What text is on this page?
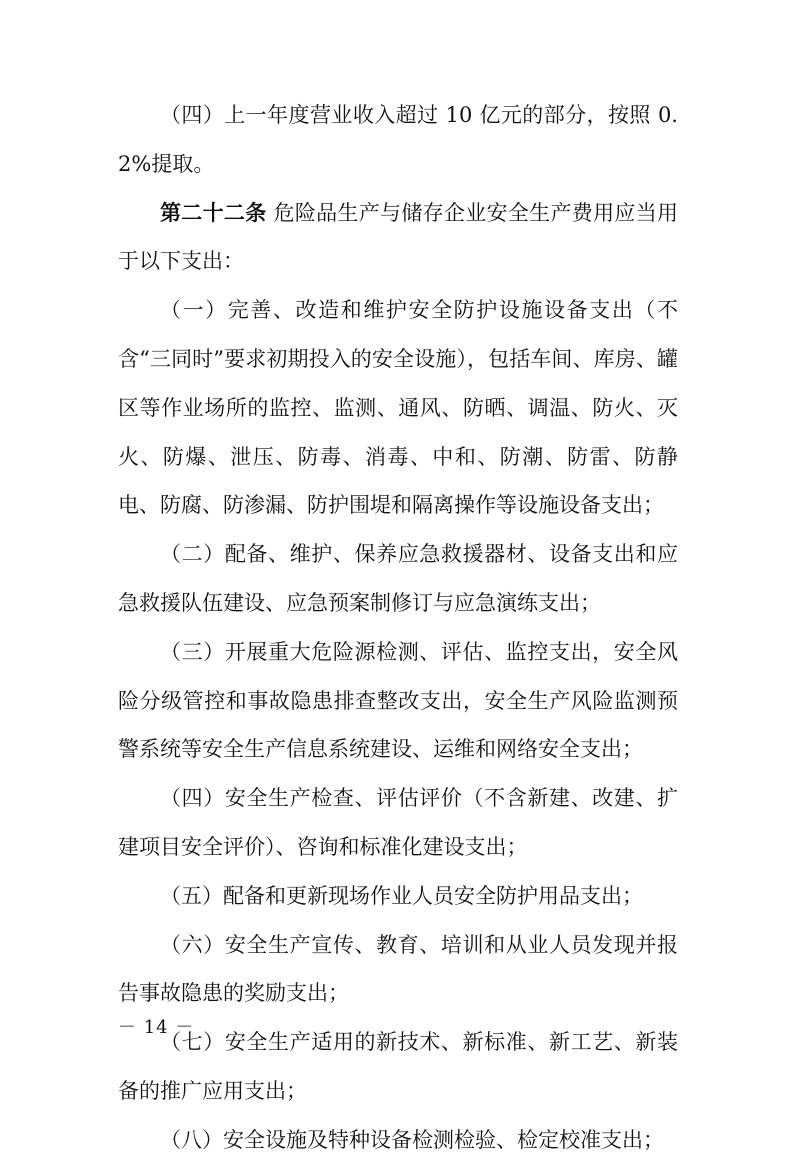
（四）上一年度营业收入超过 10 亿元的部分，按照 0.2%提取。

第二十二条 危险品生产与储存企业安全生产费用应当用于以下支出：

（一）完善、改造和维护安全防护设施设备支出（不含“三同时”要求初期投入的安全设施），包括车间、库房、罐区等作业场所的监控、监测、通风、防晒、调温、防火、灭火、防爆、泄压、防毒、消毒、中和、防潮、防雷、防静电、防腐、防渗漏、防护围堤和隔离操作等设施设备支出；

（二）配备、维护、保养应急救援器材、设备支出和应急救援队伍建设、应急预案制修订与应急演练支出；

（三）开展重大危险源检测、评估、监控支出，安全风险分级管控和事故隐患排查整改支出，安全生产风险监测预警系统等安全生产信息系统建设、运维和网络安全支出；

（四）安全生产检查、评估评价（不含新建、改建、扩建项目安全评价）、咨询和标准化建设支出；

（五）配备和更新现场作业人员安全防护用品支出；

（六）安全生产宣传、教育、培训和从业人员发现并报告事故隐患的奖励支出；

（七）安全生产适用的新技术、新标准、新工艺、新装备的推广应用支出；

（八）安全设施及特种设备检测检验、检定校准支出；

－ 14 －
